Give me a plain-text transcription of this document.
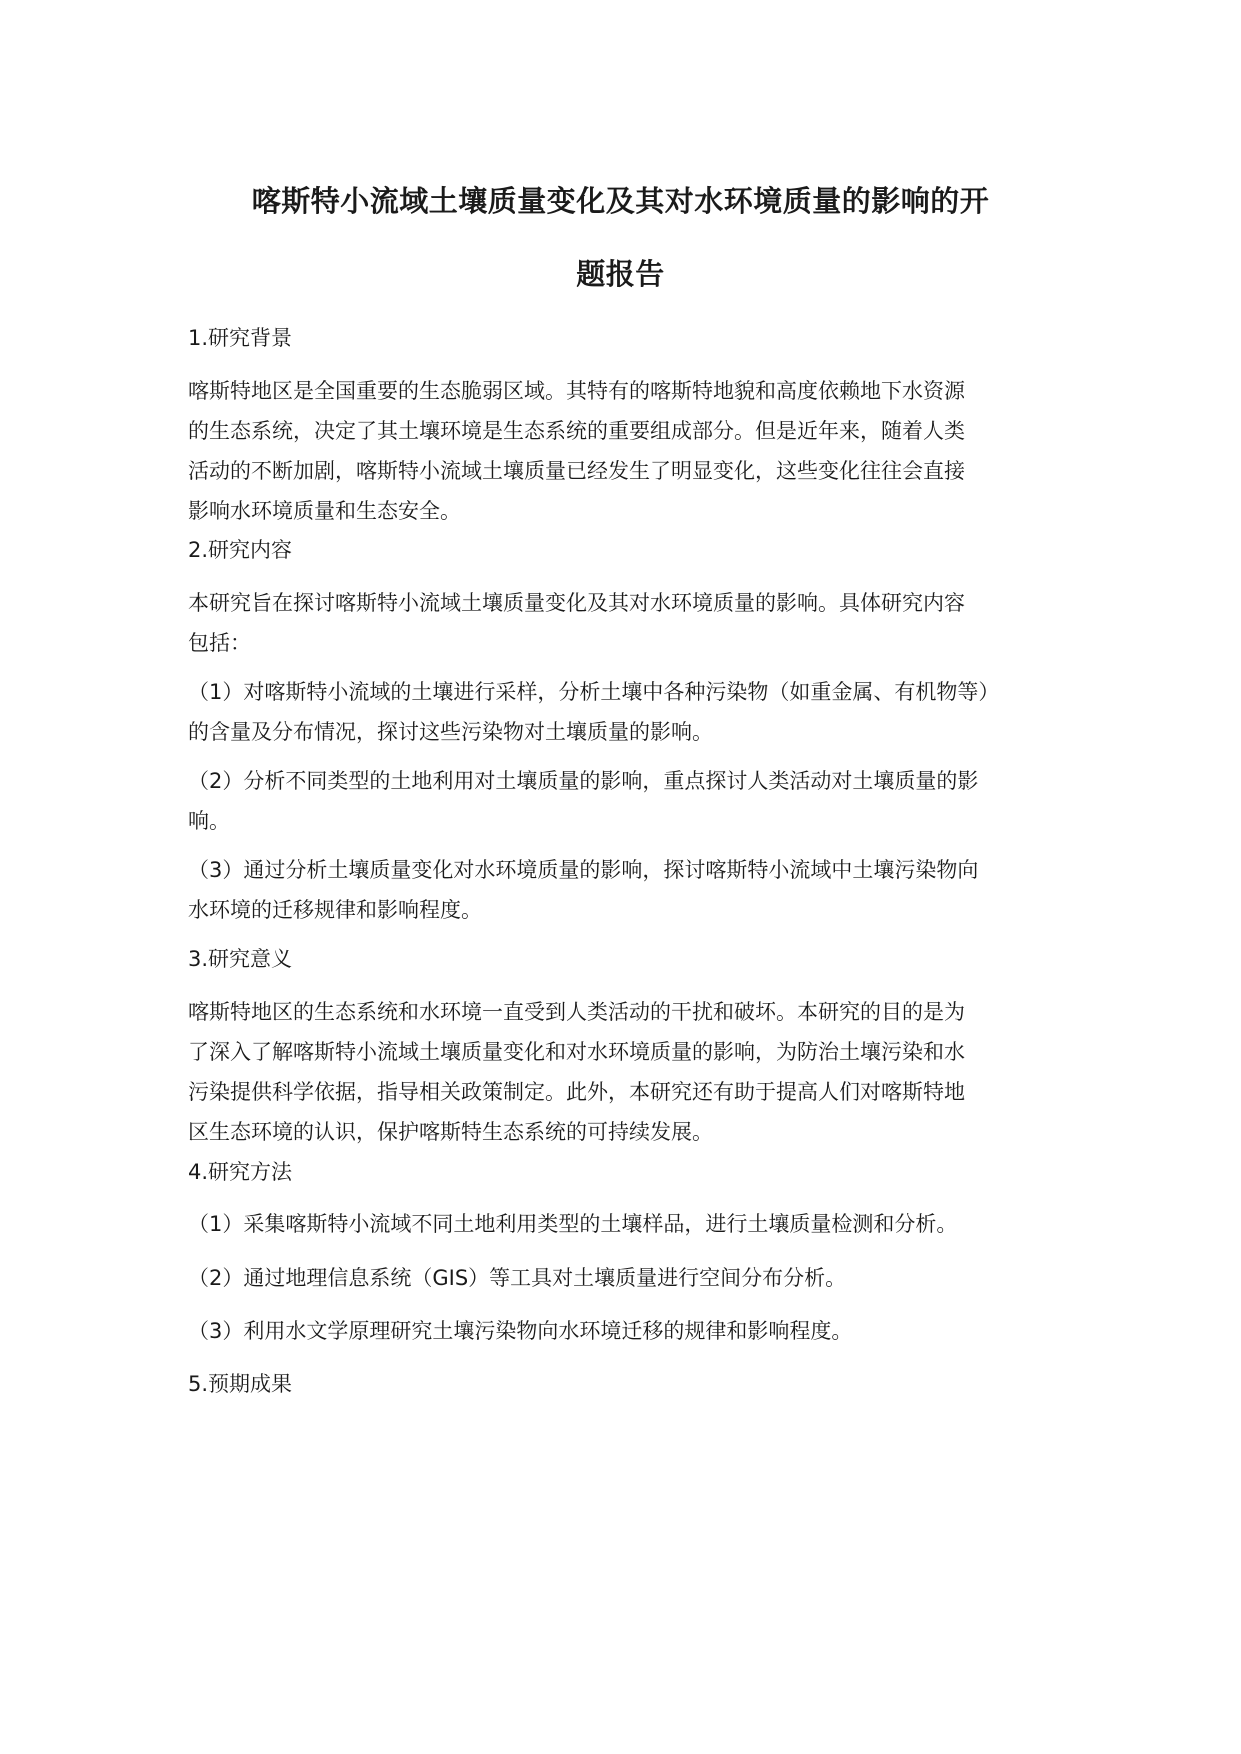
喀斯特小流域土壤质量变化及其对水环境质量的影响的开
题报告
1.研究背景
喀斯特地区是全国重要的生态脆弱区域。其特有的喀斯特地貌和高度依赖地下水资源
的生态系统，决定了其土壤环境是生态系统的重要组成部分。但是近年来，随着人类
活动的不断加剧，喀斯特小流域土壤质量已经发生了明显变化，这些变化往往会直接
影响水环境质量和生态安全。
2.研究内容
本研究旨在探讨喀斯特小流域土壤质量变化及其对水环境质量的影响。具体研究内容
包括：
（1）对喀斯特小流域的土壤进行采样，分析土壤中各种污染物（如重金属、有机物等）
的含量及分布情况，探讨这些污染物对土壤质量的影响。
（2）分析不同类型的土地利用对土壤质量的影响，重点探讨人类活动对土壤质量的影
响。
（3）通过分析土壤质量变化对水环境质量的影响，探讨喀斯特小流域中土壤污染物向
水环境的迁移规律和影响程度。
3.研究意义
喀斯特地区的生态系统和水环境一直受到人类活动的干扰和破坏。本研究的目的是为
了深入了解喀斯特小流域土壤质量变化和对水环境质量的影响，为防治土壤污染和水
污染提供科学依据，指导相关政策制定。此外，本研究还有助于提高人们对喀斯特地
区生态环境的认识，保护喀斯特生态系统的可持续发展。
4.研究方法
（1）采集喀斯特小流域不同土地利用类型的土壤样品，进行土壤质量检测和分析。
（2）通过地理信息系统（GIS）等工具对土壤质量进行空间分布分析。
（3）利用水文学原理研究土壤污染物向水环境迁移的规律和影响程度。
5.预期成果
